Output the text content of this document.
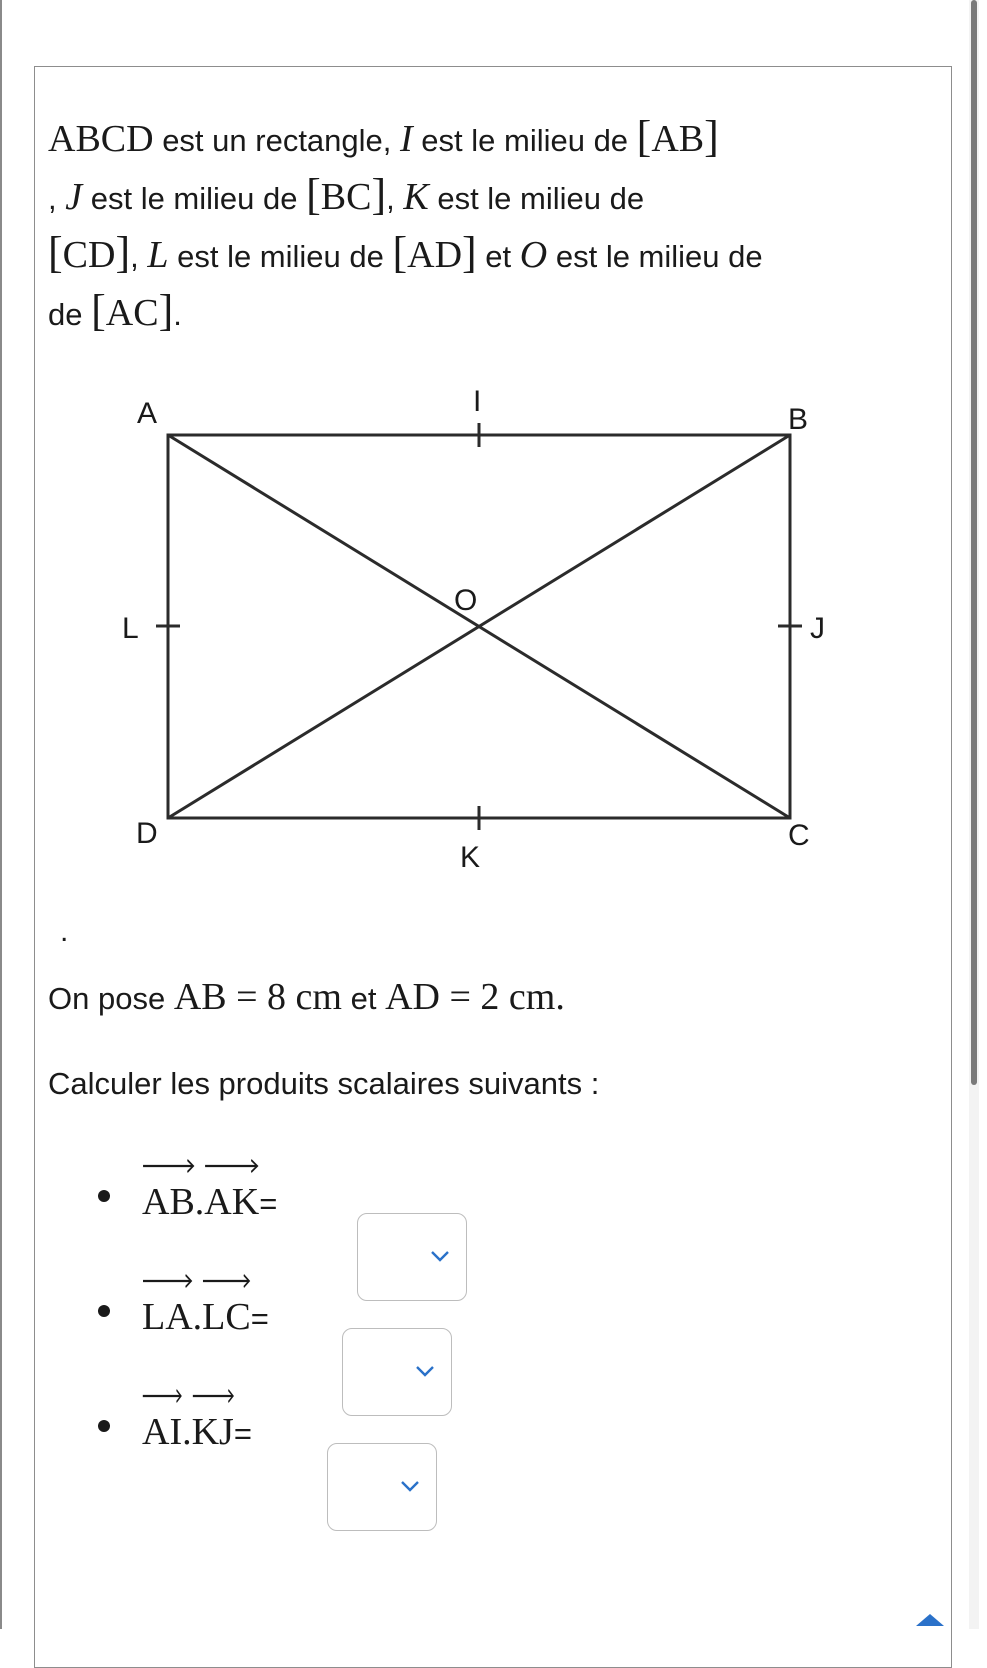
ABCD est un rectangle, I est le milieu de [AB]
, J est le milieu de [BC], K est le milieu de
[CD], L est le milieu de [AD] et O est le milieu de
de [AC].
A	B
C
D
I
J
K
L
O
.
On pose AB = 8 cm et AD = 2 cm.
Calculer les produits scalaires suivants :
AB.
AK=
LA.
LC=
AI.
KJ=
